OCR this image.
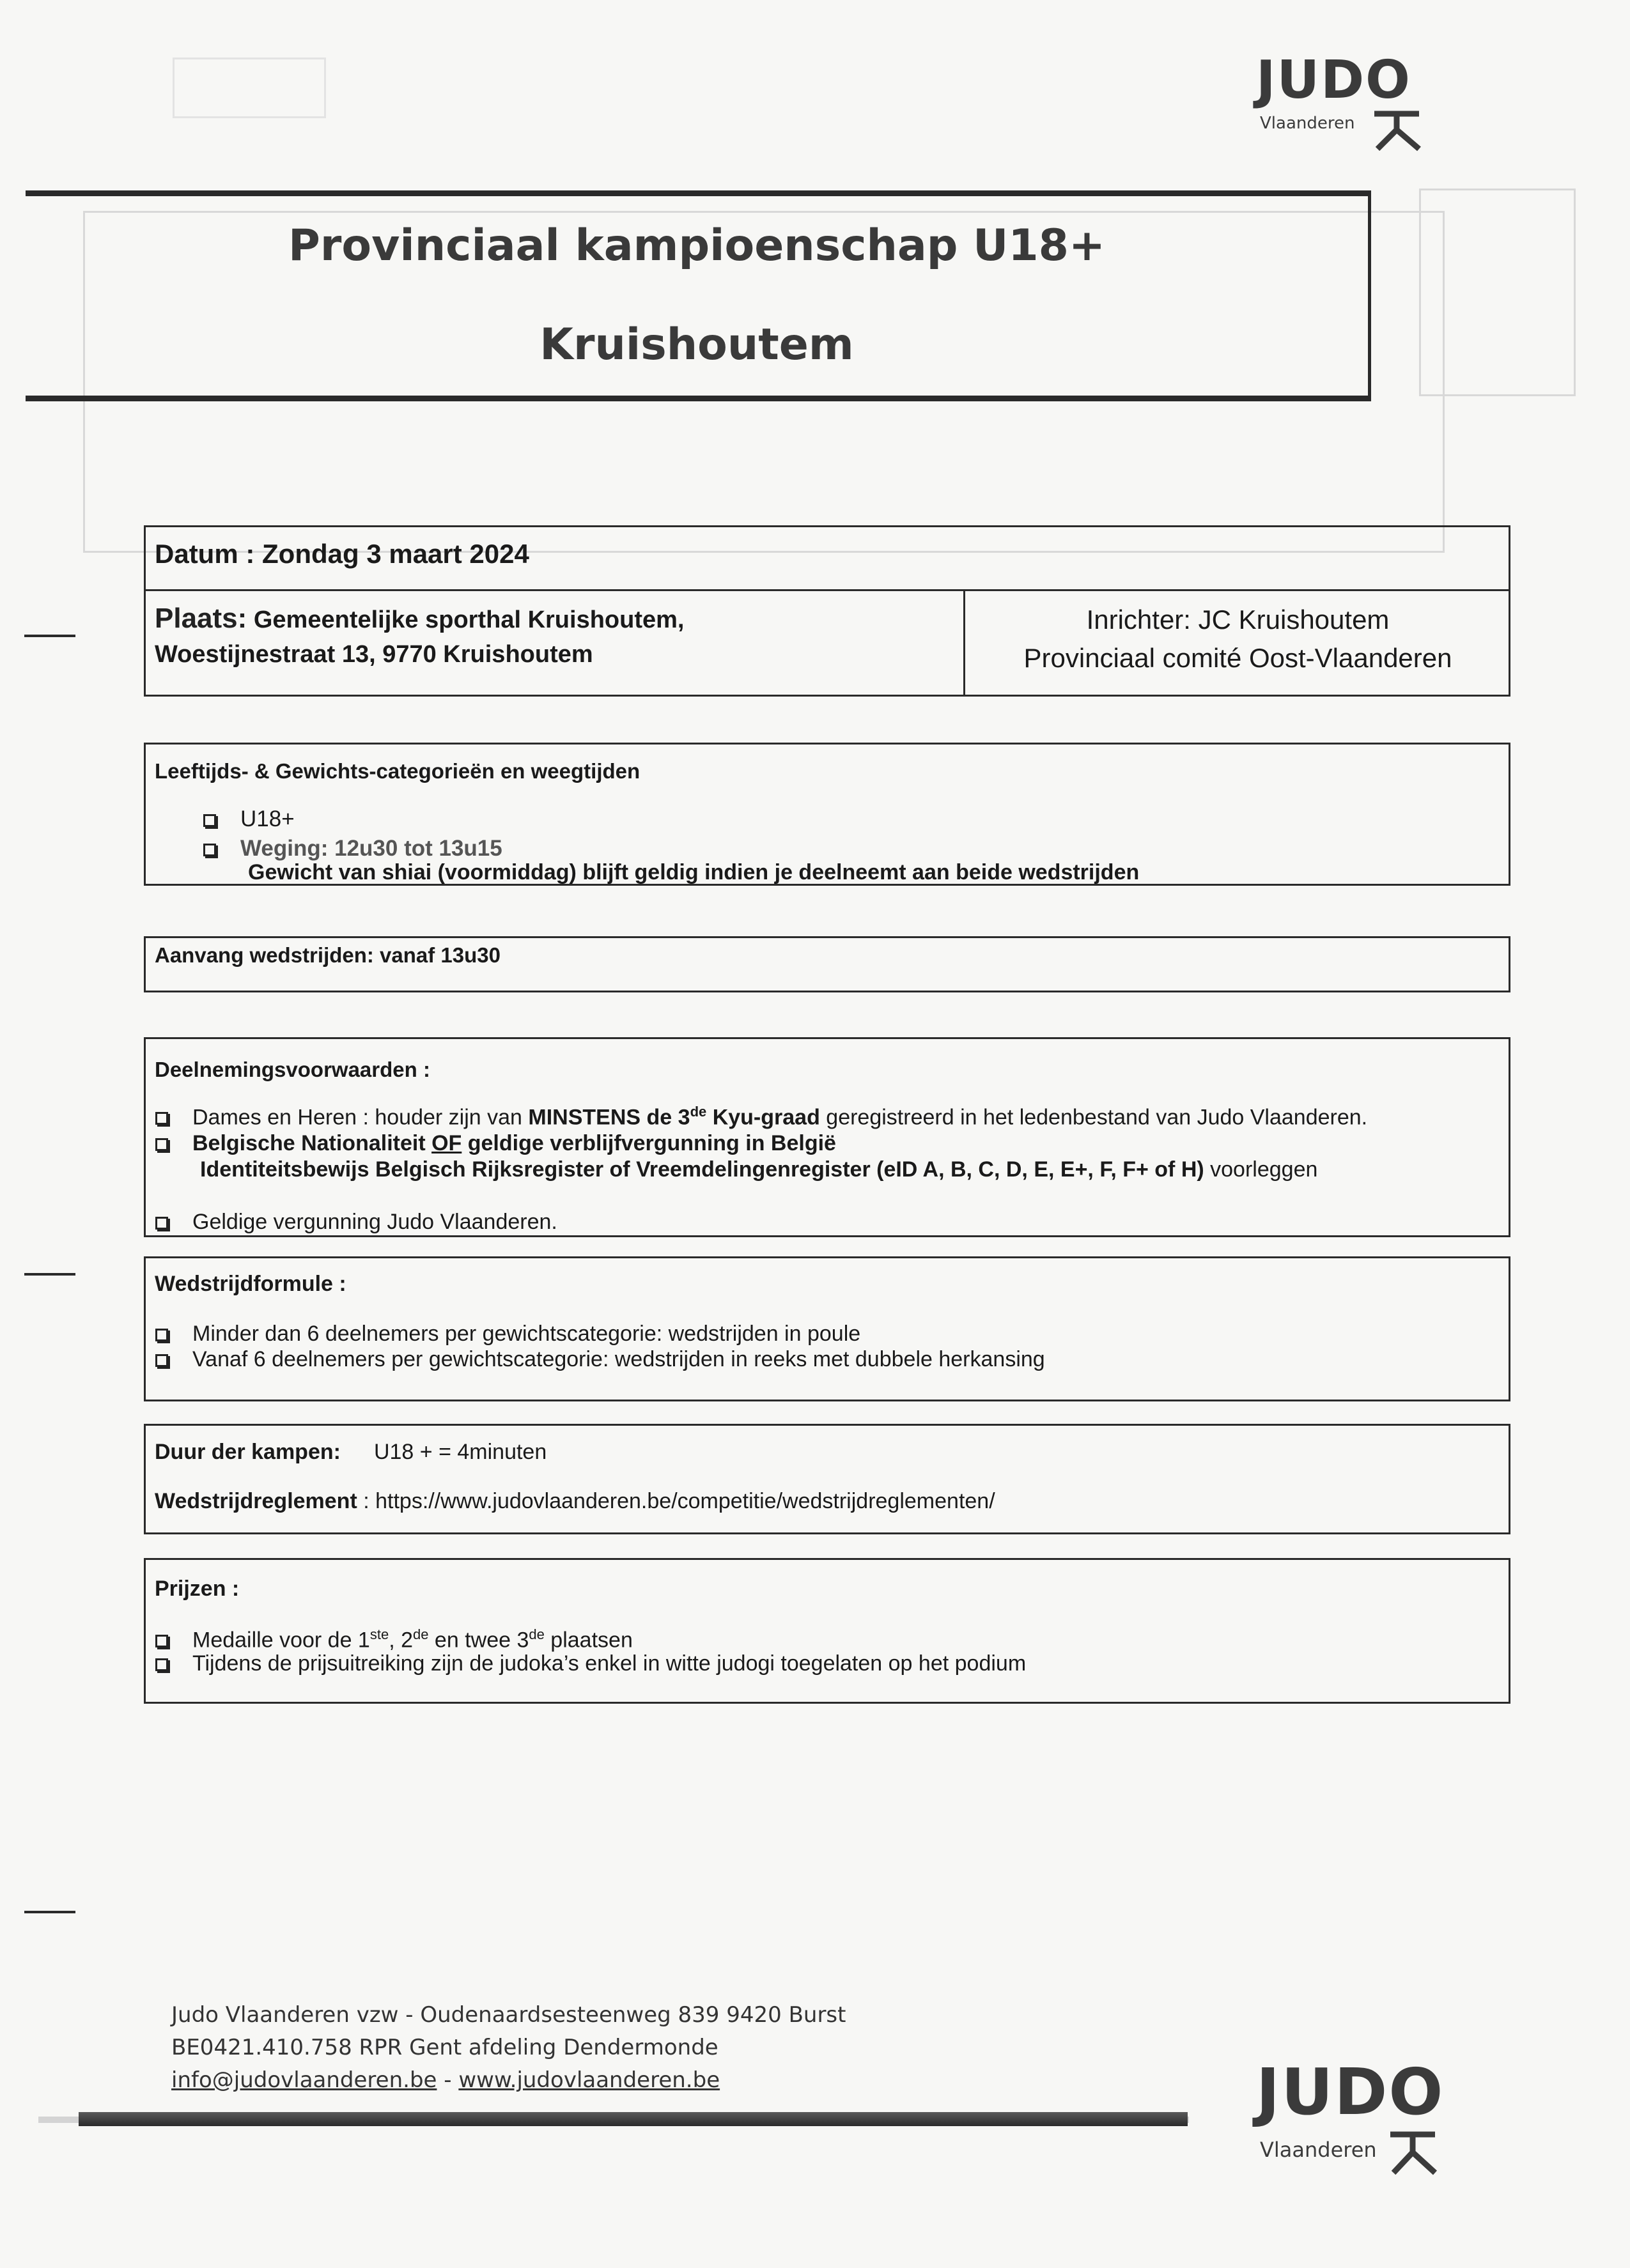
JUDO
Vlaanderen
Provinciaal kampioenschap U18+
Kruishoutem
Datum : Zondag 3 maart 2024
Plaats: Gemeentelijke sporthal Kruishoutem,
Woestijnestraat 13, 9770 Kruishoutem
Inrichter: JC Kruishoutem
Provinciaal comité Oost-Vlaanderen
Leeftijds- & Gewichts-categorieën en weegtijden
U18+
Weging: 12u30 tot 13u15
Gewicht van shiai (voormiddag) blijft geldig indien je deelneemt aan beide wedstrijden
Aanvang wedstrijden: vanaf 13u30
Deelnemingsvoorwaarden :
Dames en Heren : houder zijn van MINSTENS de 3de Kyu-graad geregistreerd in het ledenbestand van Judo Vlaanderen.
Belgische Nationaliteit OF geldige verblijfvergunning in België
Identiteitsbewijs Belgisch Rijksregister of Vreemdelingenregister (eID A, B, C, D, E, E+, F, F+ of H) voorleggen
Geldige vergunning Judo Vlaanderen.
Wedstrijdformule :
Minder dan 6 deelnemers per gewichtscategorie: wedstrijden in poule
Vanaf 6 deelnemers per gewichtscategorie: wedstrijden in reeks met dubbele herkansing
Duur der kampen: U18 + = 4minuten
Wedstrijdreglement : https://www.judovlaanderen.be/competitie/wedstrijdreglementen/
Prijzen :
Medaille voor de 1ste, 2de en twee 3de plaatsen
Tijdens de prijsuitreiking zijn de judoka’s enkel in witte judogi toegelaten op het podium
Judo Vlaanderen vzw - Oudenaardsesteenweg 839 9420 Burst
BE0421.410.758 RPR Gent afdeling Dendermonde
info@judovlaanderen.be - www.judovlaanderen.be	JUDO
Vlaanderen
